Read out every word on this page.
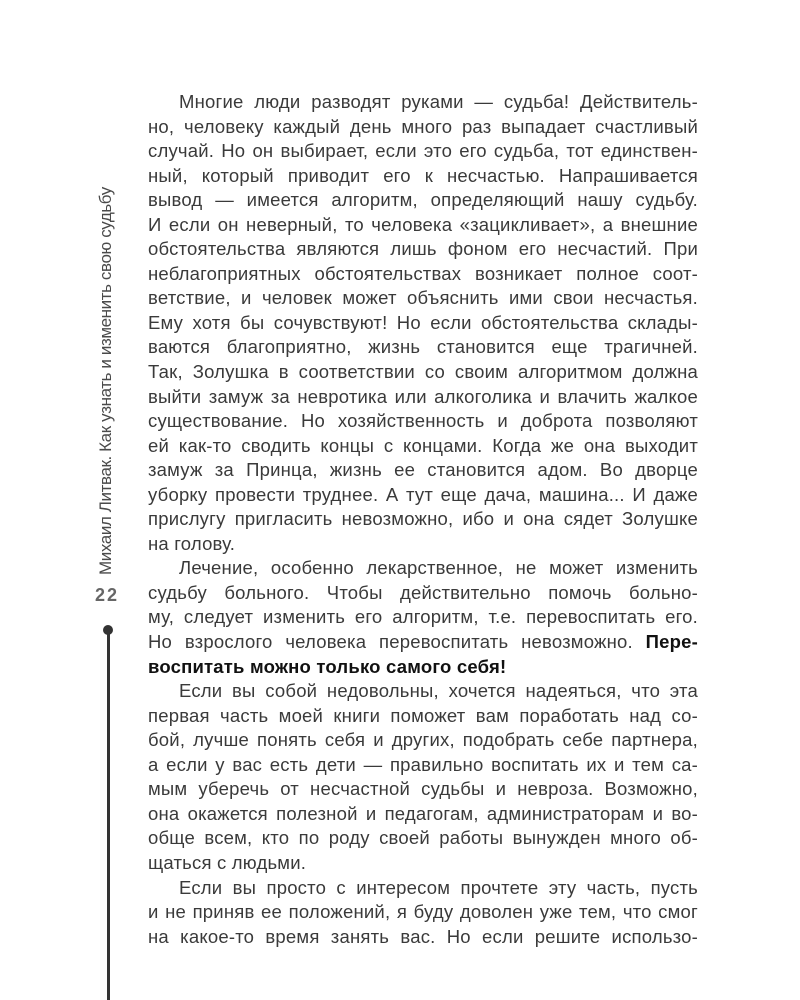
Михаил Литвак. Как узнать и изменить свою судьбу
22
Многие люди разводят руками — судьба! Действитель-
но, человеку каждый день много раз выпадает счастливый
случай. Но он выбирает, если это его судьба, тот единствен-
ный, который приводит его к несчастью. Напрашивается
вывод — имеется алгоритм, определяющий нашу судьбу.
И если он неверный, то человека «зацикливает», а внешние
обстоятельства являются лишь фоном его несчастий. При
неблагоприятных обстоятельствах возникает полное соот-
ветствие, и человек может объяснить ими свои несчастья.
Ему хотя бы сочувствуют! Но если обстоятельства склады-
ваются благоприятно, жизнь становится еще трагичней.
Так, Золушка в соответствии со своим алгоритмом должна
выйти замуж за невротика или алкоголика и влачить жалкое
существование. Но хозяйственность и доброта позволяют
ей как-то сводить концы с концами. Когда же она выходит
замуж за Принца, жизнь ее становится адом. Во дворце
уборку провести труднее. А тут еще дача, машина... И даже
прислугу пригласить невозможно, ибо и она сядет Золушке
на голову.
Лечение, особенно лекарственное, не может изменить
судьбу больного. Чтобы действительно помочь больно-
му, следует изменить его алгоритм, т.е. перевоспитать его.
Но взрослого человека перевоспитать невозможно. Пере-
воспитать можно только самого себя!
Если вы собой недовольны, хочется надеяться, что эта
первая часть моей книги поможет вам поработать над со-
бой, лучше понять себя и других, подобрать себе партнера,
а если у вас есть дети — правильно воспитать их и тем са-
мым уберечь от несчастной судьбы и невроза. Возможно,
она окажется полезной и педагогам, администраторам и во-
обще всем, кто по роду своей работы вынужден много об-
щаться с людьми.
Если вы просто с интересом прочтете эту часть, пусть
и не приняв ее положений, я буду доволен уже тем, что смог
на какое-то время занять вас. Но если решите использо-
